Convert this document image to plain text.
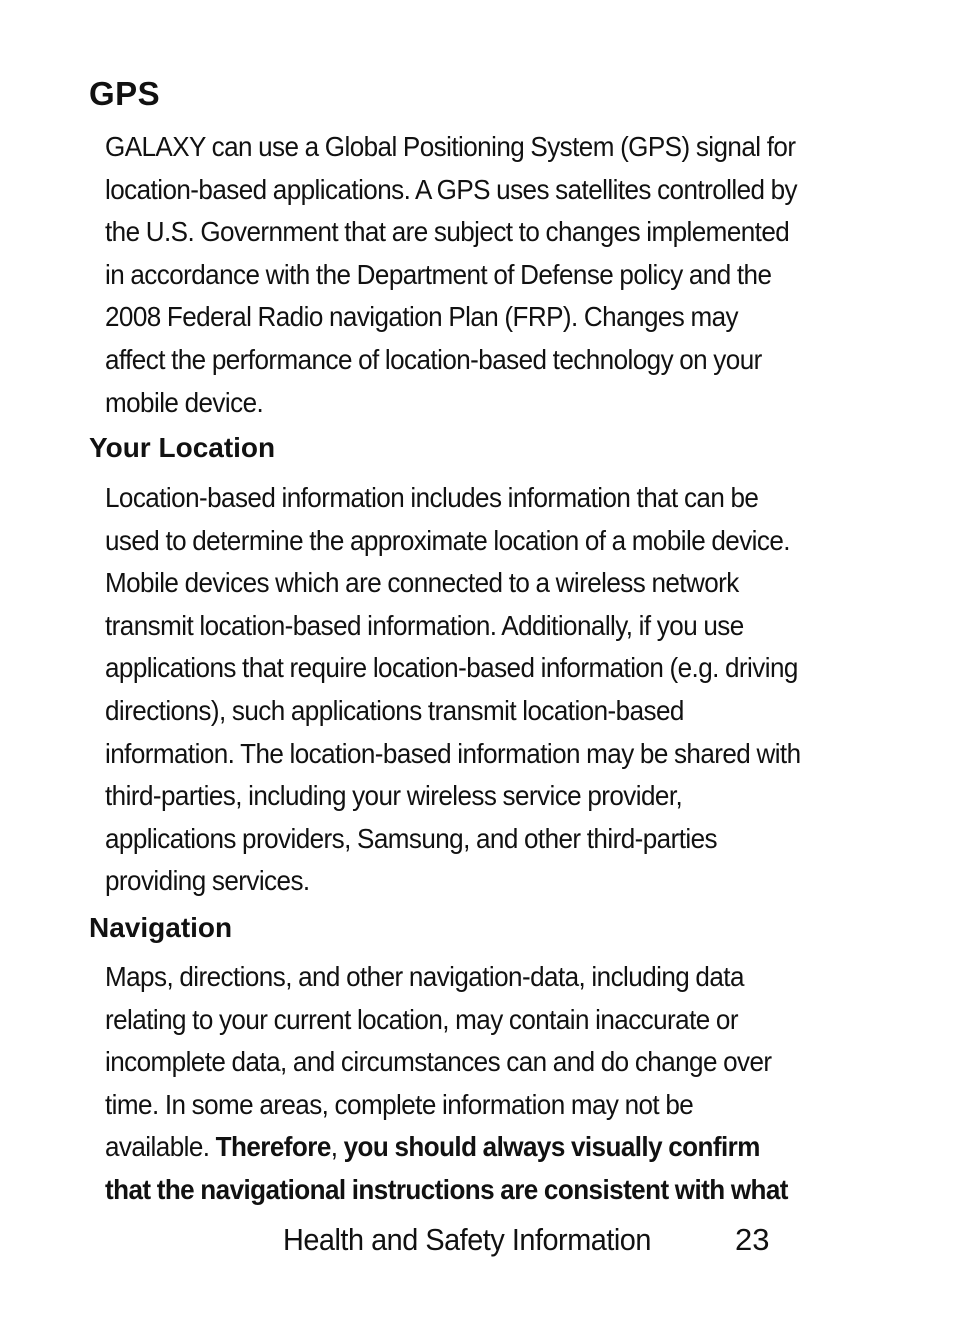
GPS

GALAXY can use a Global Positioning System (GPS) signal for location-based applications. A GPS uses satellites controlled by the U.S. Government that are subject to changes implemented in accordance with the Department of Defense policy and the 2008 Federal Radio navigation Plan (FRP). Changes may affect the performance of location-based technology on your mobile device.

Your Location

Location-based information includes information that can be used to determine the approximate location of a mobile device. Mobile devices which are connected to a wireless network transmit location-based information. Additionally, if you use applications that require location-based information (e.g. driving directions), such applications transmit location-based information. The location-based information may be shared with third-parties, including your wireless service provider, applications providers, Samsung, and other third-parties providing services.

Navigation

Maps, directions, and other navigation-data, including data relating to your current location, may contain inaccurate or incomplete data, and circumstances can and do change over time. In some areas, complete information may not be available. Therefore, you should always visually confirm that the navigational instructions are consistent with what

Health and Safety Information	23
